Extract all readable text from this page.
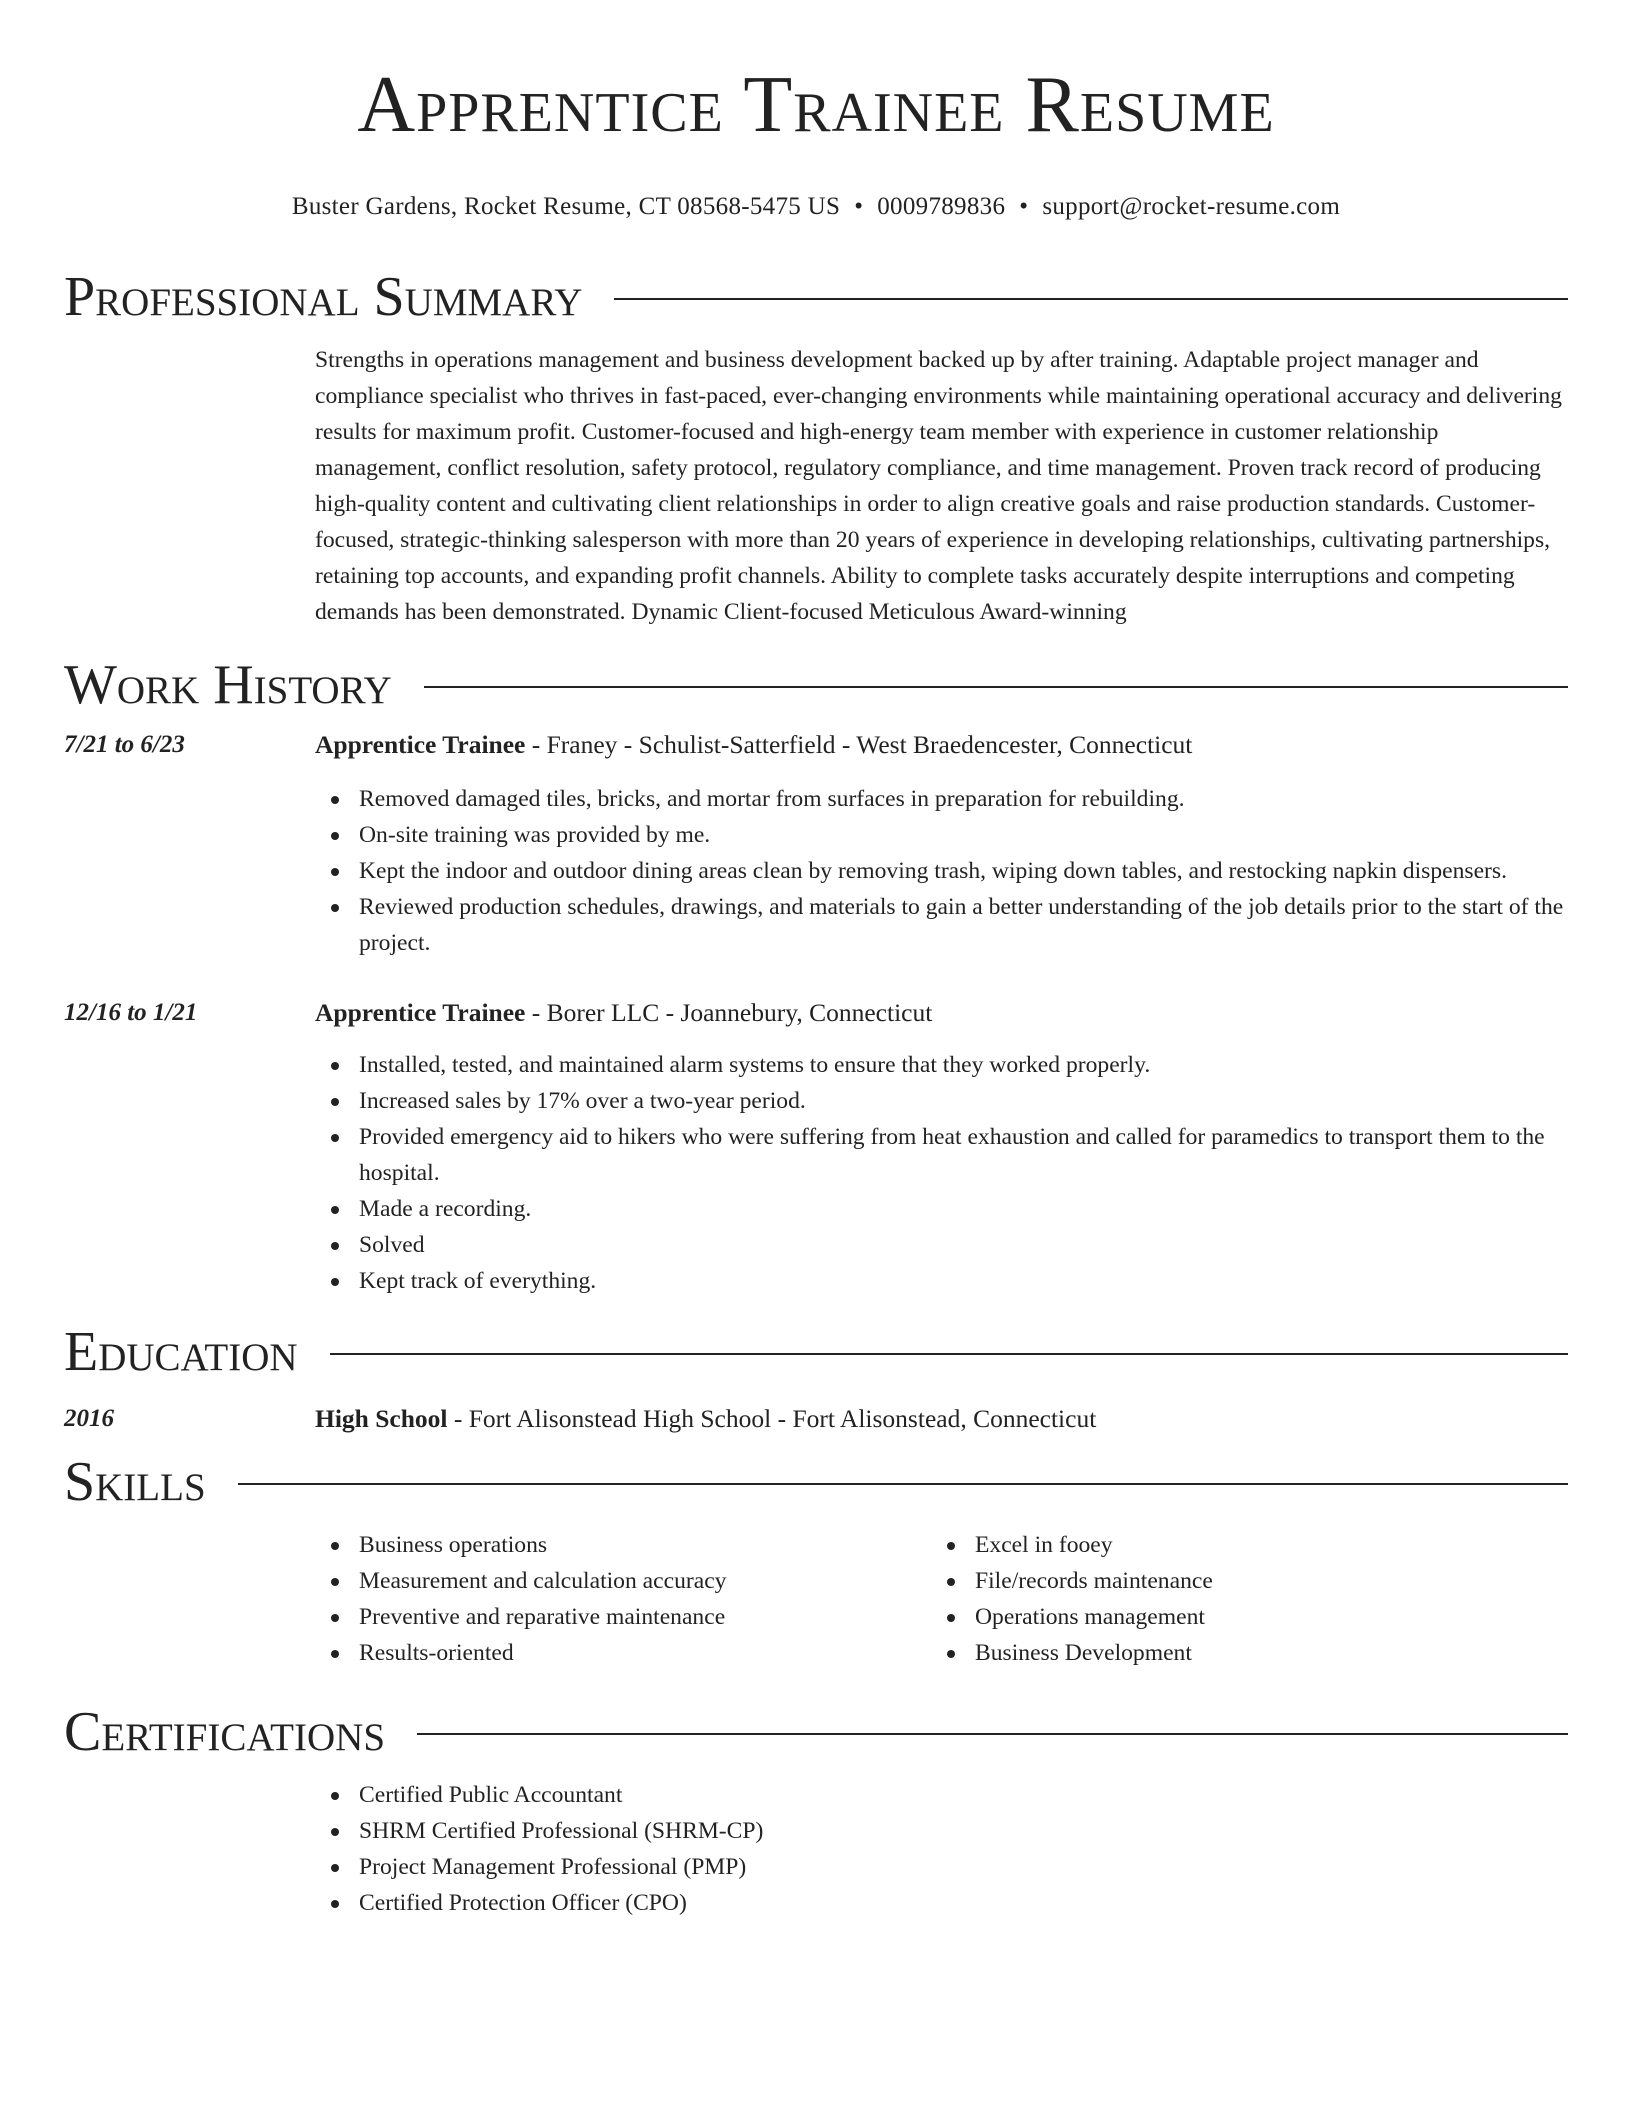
Apprentice Trainee Resume
Buster Gardens, Rocket Resume, CT 08568-5475 US • 0009789836 • support@rocket-resume.com
Professional Summary
Strengths in operations management and business development backed up by after training. Adaptable project manager and compliance specialist who thrives in fast-paced, ever-changing environments while maintaining operational accuracy and delivering results for maximum profit. Customer-focused and high-energy team member with experience in customer relationship management, conflict resolution, safety protocol, regulatory compliance, and time management. Proven track record of producing high-quality content and cultivating client relationships in order to align creative goals and raise production standards. Customer-focused, strategic-thinking salesperson with more than 20 years of experience in developing relationships, cultivating partnerships, retaining top accounts, and expanding profit channels. Ability to complete tasks accurately despite interruptions and competing demands has been demonstrated. Dynamic Client-focused Meticulous Award-winning
Work History
7/21 to 6/23	Apprentice Trainee - Franey - Schulist-Satterfield - West Braedencester, Connecticut
Removed damaged tiles, bricks, and mortar from surfaces in preparation for rebuilding.
On-site training was provided by me.
Kept the indoor and outdoor dining areas clean by removing trash, wiping down tables, and restocking napkin dispensers.
Reviewed production schedules, drawings, and materials to gain a better understanding of the job details prior to the start of the project.
12/16 to 1/21	Apprentice Trainee - Borer LLC - Joannebury, Connecticut
Installed, tested, and maintained alarm systems to ensure that they worked properly.
Increased sales by 17% over a two-year period.
Provided emergency aid to hikers who were suffering from heat exhaustion and called for paramedics to transport them to the hospital.
Made a recording.
Solved
Kept track of everything.
Education
2016	High School - Fort Alisonstead High School - Fort Alisonstead, Connecticut
Skills
Business operations
Measurement and calculation accuracy
Preventive and reparative maintenance
Results-oriented
Excel in fooey
File/records maintenance
Operations management
Business Development
Certifications
Certified Public Accountant
SHRM Certified Professional (SHRM-CP)
Project Management Professional (PMP)
Certified Protection Officer (CPO)
